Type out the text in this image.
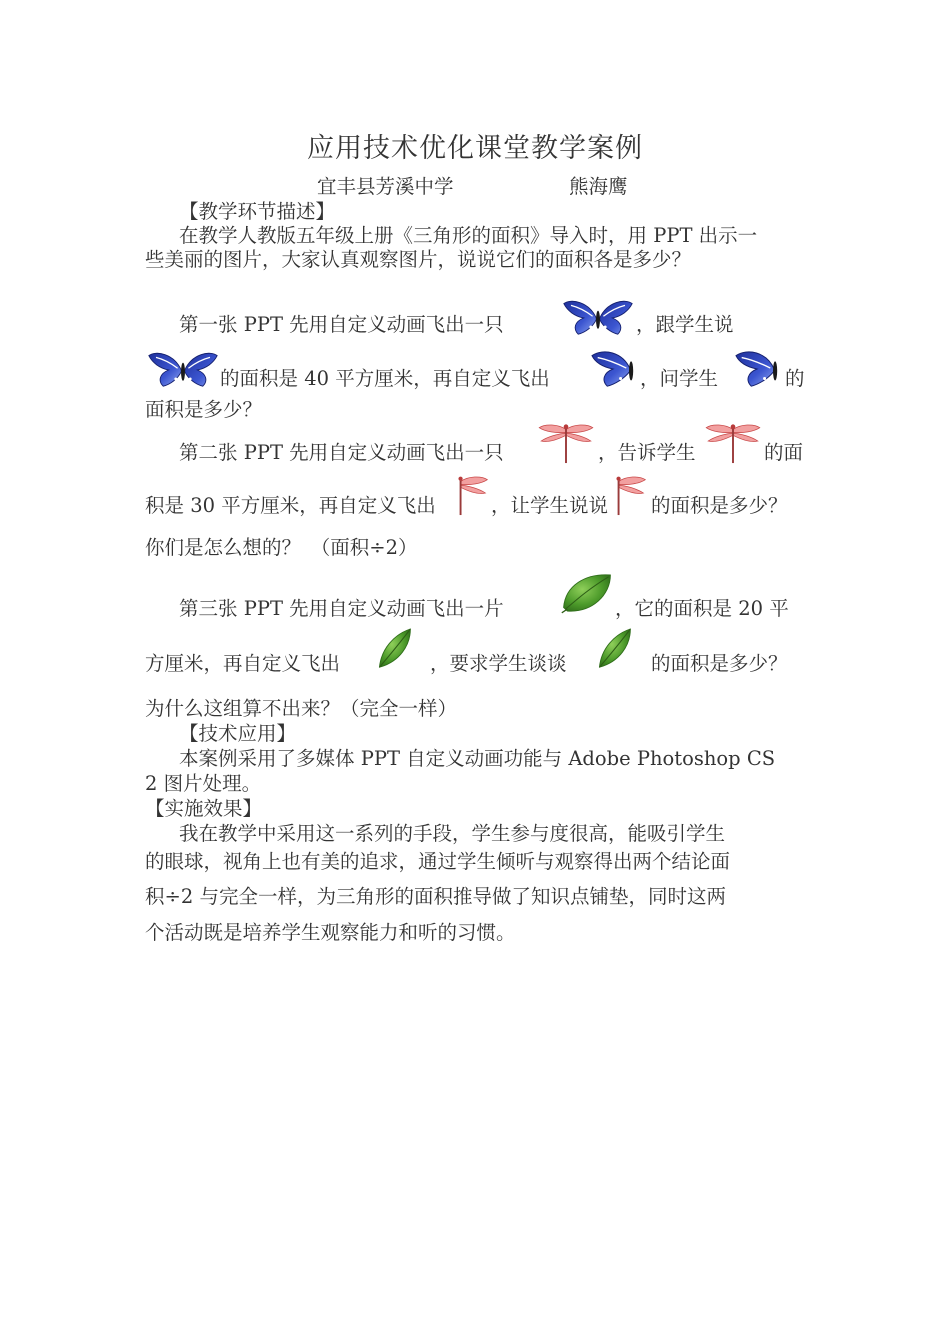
应用技术优化课堂教学案例
宜丰县芳溪中学	熊海鹰
【教学环节描述】
在教学人教版五年级上册《三角形的面积》导入时，用 PPT 出示一
些美丽的图片，大家认真观察图片，说说它们的面积各是多少？
第一张 PPT 先用自定义动画飞出一只	，跟学生说
的面积是 40 平方厘米，再自定义飞出	，问学生	的
面积是多少？
第二张 PPT 先用自定义动画飞出一只	，告诉学生	的面
积是 30 平方厘米，再自定义飞出	，让学生说说 的面积是多少？
你们是怎么想的？　（面积÷2）
第三张 PPT 先用自定义动画飞出一片	，它的面积是 20 平
方厘米，再自定义飞出	，要求学生谈谈	的面积是多少？
为什么这组算不出来？（完全一样）
【技术应用】
本案例采用了多媒体 PPT 自定义动画功能与 Adobe Photoshop CS
2 图片处理。
【实施效果】
我在教学中采用这一系列的手段，学生参与度很高，能吸引学生
的眼球，视角上也有美的追求，通过学生倾听与观察得出两个结论面
积÷2 与完全一样，为三角形的面积推导做了知识点铺垫，同时这两
个活动既是培养学生观察能力和听的习惯。
